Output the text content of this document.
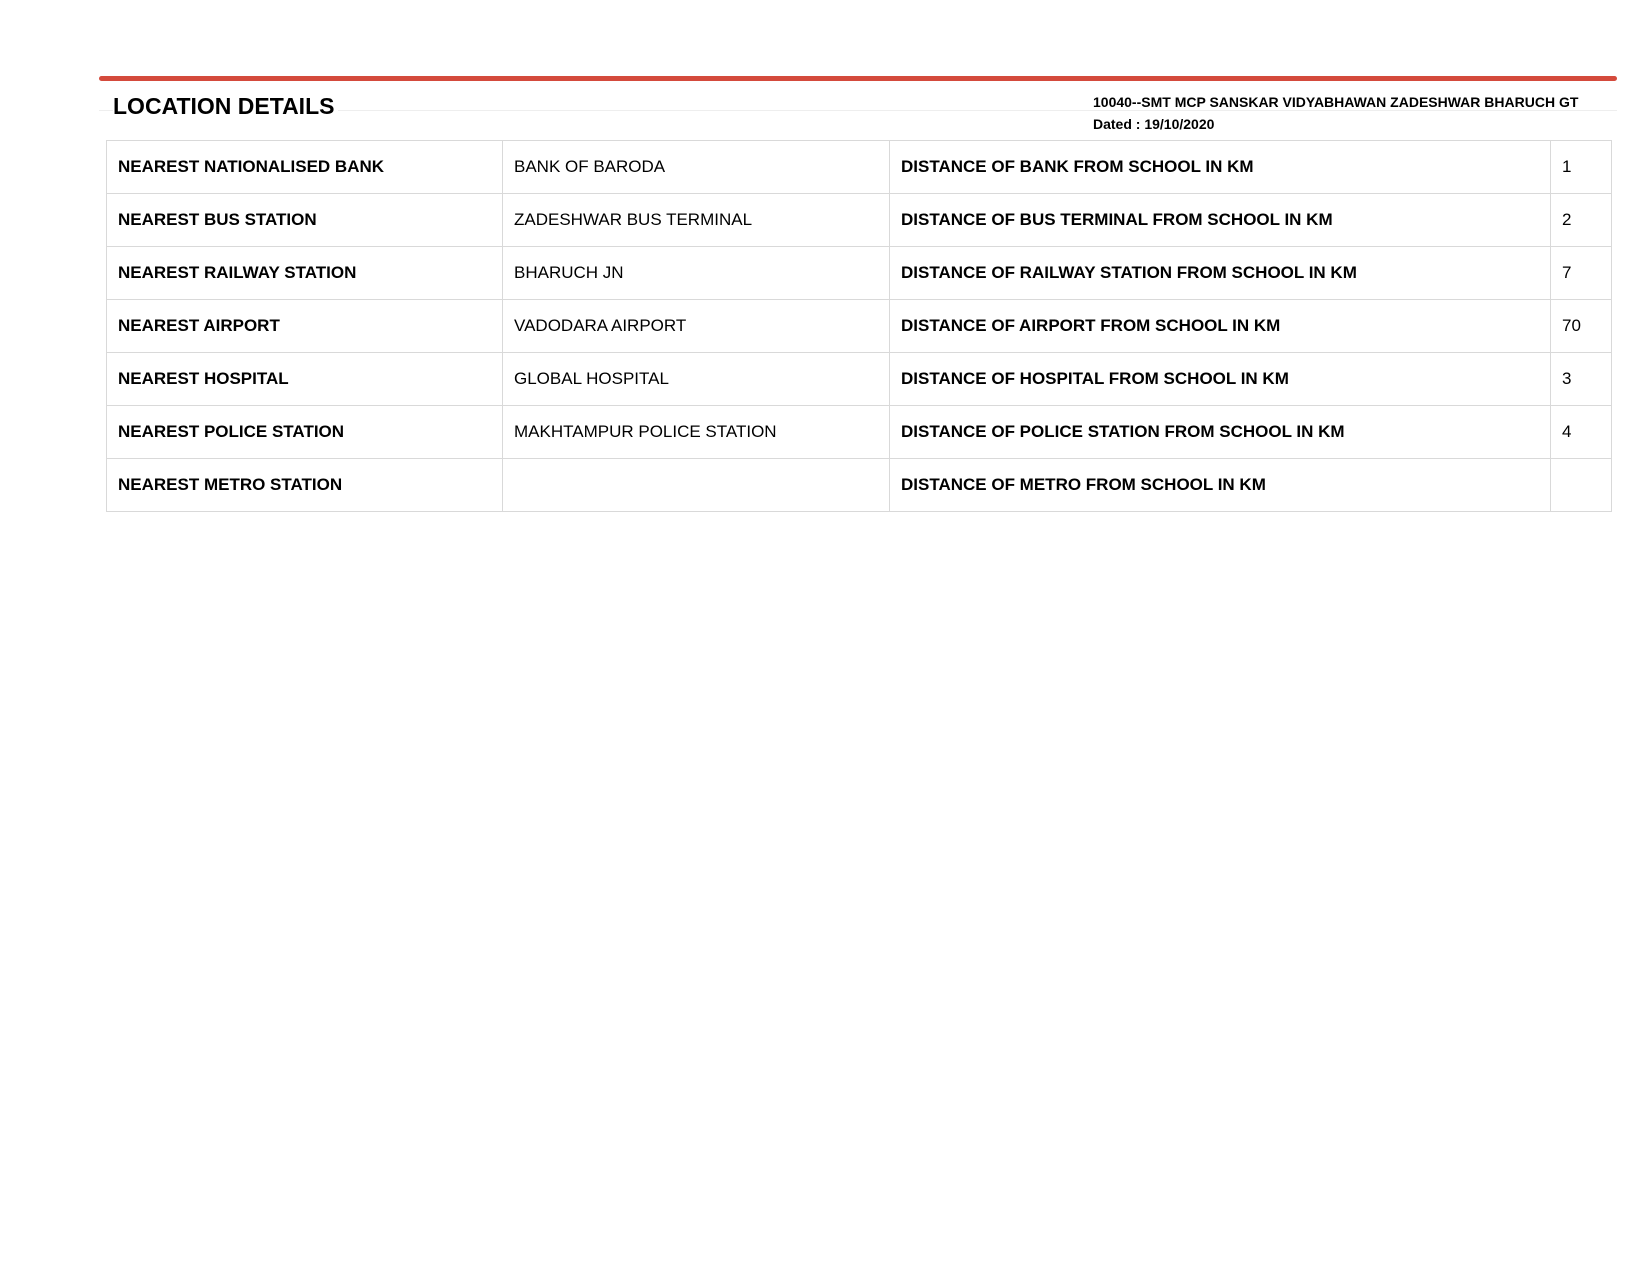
LOCATION DETAILS	10040--SMT MCP SANSKAR VIDYABHAWAN ZADESHWAR BHARUCH GT
Dated : 19/10/2020
NEAREST NATIONALISED BANK	BANK OF BARODA	DISTANCE OF BANK FROM SCHOOL IN KM	1
NEAREST BUS STATION	ZADESHWAR BUS TERMINAL	DISTANCE OF BUS TERMINAL FROM SCHOOL IN KM	2
NEAREST RAILWAY STATION	BHARUCH JN	DISTANCE OF RAILWAY STATION FROM SCHOOL IN KM	7
NEAREST AIRPORT	VADODARA AIRPORT	DISTANCE OF AIRPORT FROM SCHOOL IN KM	70
NEAREST HOSPITAL	GLOBAL HOSPITAL	DISTANCE OF HOSPITAL FROM SCHOOL IN KM	3
NEAREST POLICE STATION	MAKHTAMPUR POLICE STATION	DISTANCE OF POLICE STATION FROM SCHOOL IN KM	4
NEAREST METRO STATION		DISTANCE OF METRO FROM SCHOOL IN KM	
